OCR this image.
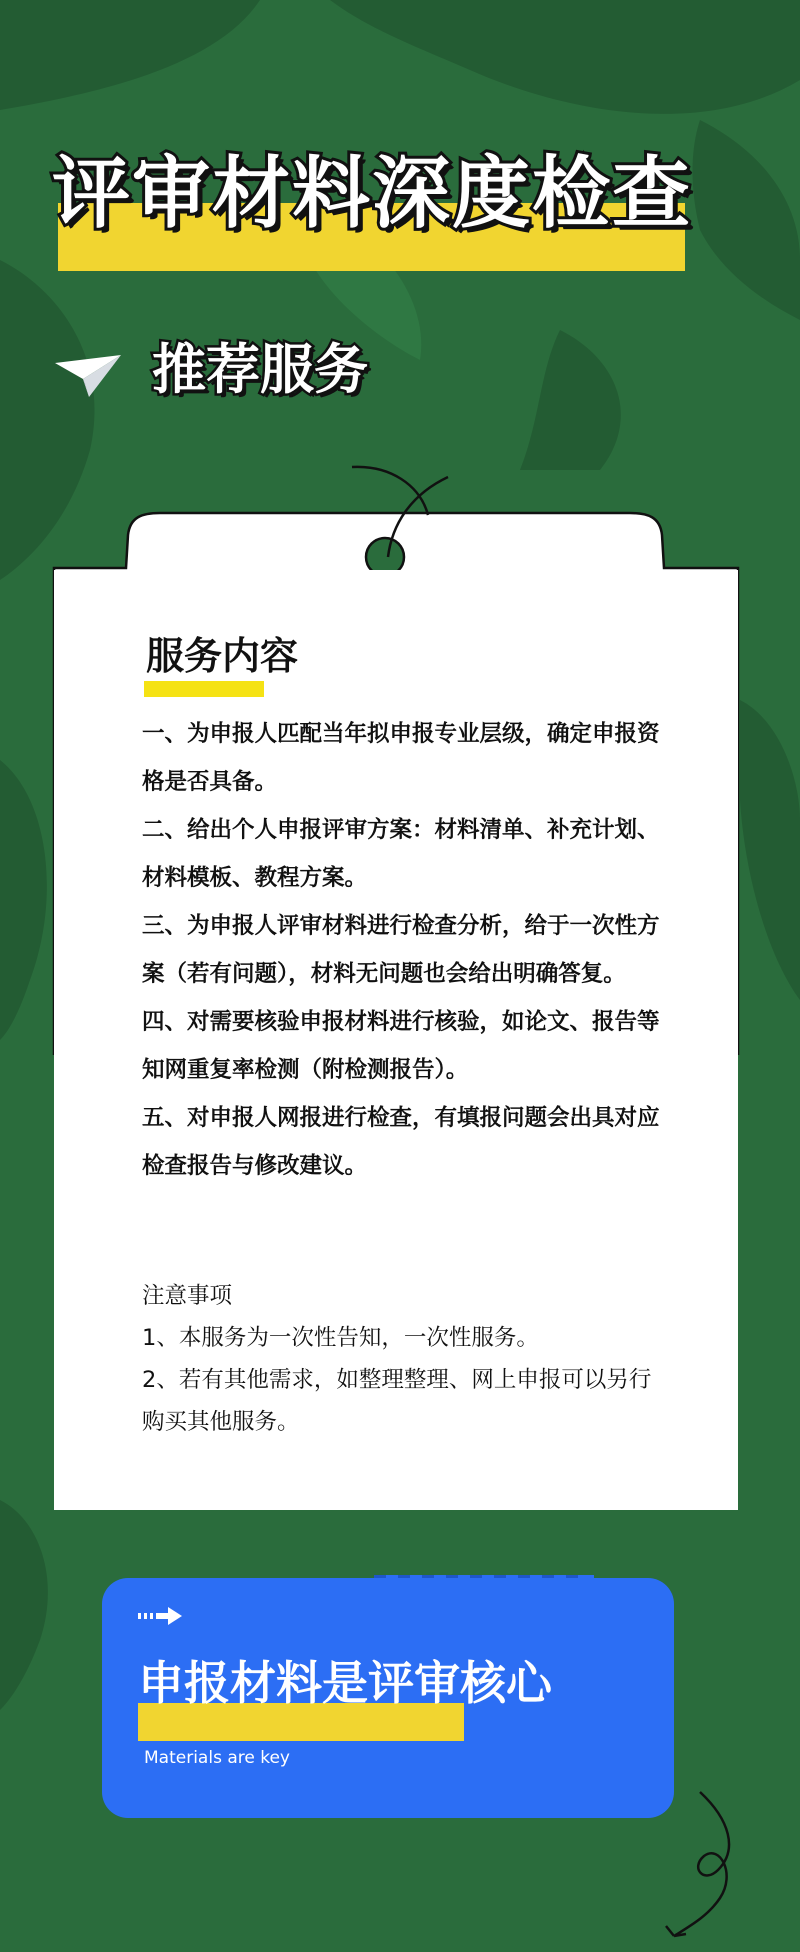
评审材料深度检查
推荐服务
服务内容
一、为申报人匹配当年拟申报专业层级，确定申报资格是否具备。
二、给出个人申报评审方案：材料清单、补充计划、材料模板、教程方案。
三、为申报人评审材料进行检查分析，给于一次性方案（若有问题），材料无问题也会给出明确答复。
四、对需要核验申报材料进行核验，如论文、报告等知网重复率检测（附检测报告）。
五、对申报人网报进行检查，有填报问题会出具对应检查报告与修改建议。
注意事项
1、本服务为一次性告知，一次性服务。
2、若有其他需求，如整理整理、网上申报可以另行购买其他服务。
申报材料是评审核心
Materials are key
